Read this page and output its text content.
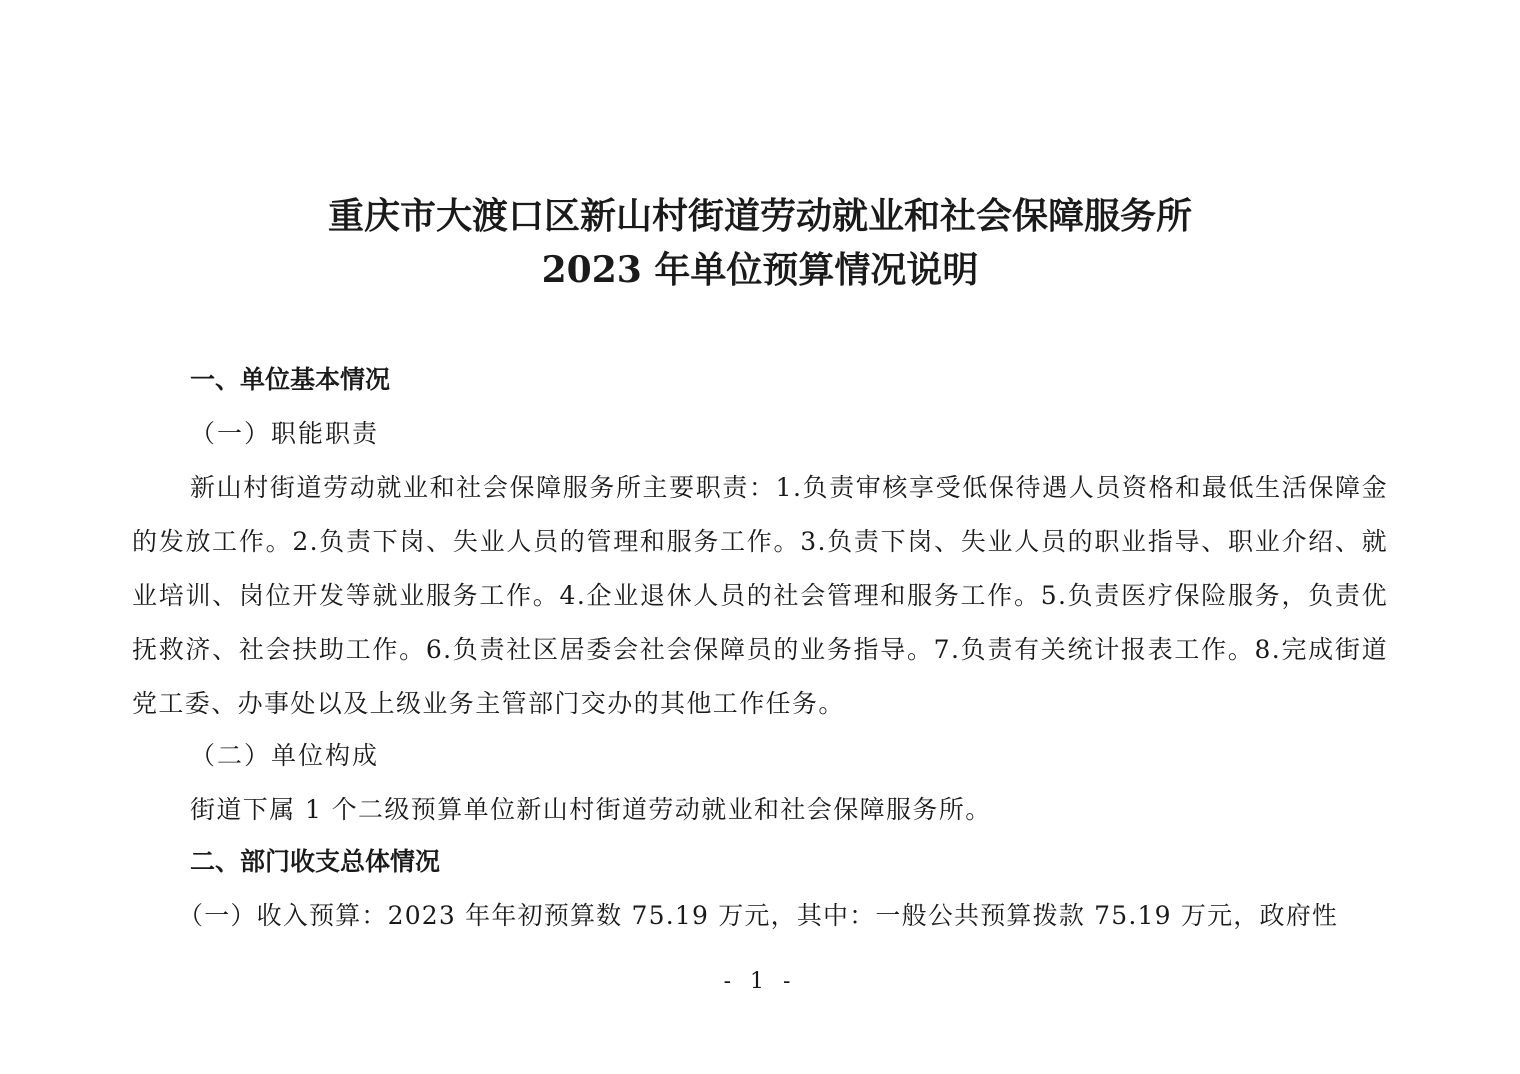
重庆市大渡口区新山村街道劳动就业和社会保障服务所
2023 年单位预算情况说明
一、单位基本情况

（一）职能职责

新山村街道劳动就业和社会保障服务所主要职责：1.负责审核享受低保待遇人员资格和最低生活保障金的发放工作。2.负责下岗、失业人员的管理和服务工作。3.负责下岗、失业人员的职业指导、职业介绍、就业培训、岗位开发等就业服务工作。4.企业退休人员的社会管理和服务工作。5.负责医疗保险服务，负责优抚救济、社会扶助工作。6.负责社区居委会社会保障员的业务指导。7.负责有关统计报表工作。8.完成街道党工委、办事处以及上级业务主管部门交办的其他工作任务。

（二）单位构成

街道下属 1 个二级预算单位新山村街道劳动就业和社会保障服务所。

二、部门收支总体情况

（一）收入预算：2023 年年初预算数 75.19 万元，其中：一般公共预算拨款 75.19 万元，政府性

- 1 -
